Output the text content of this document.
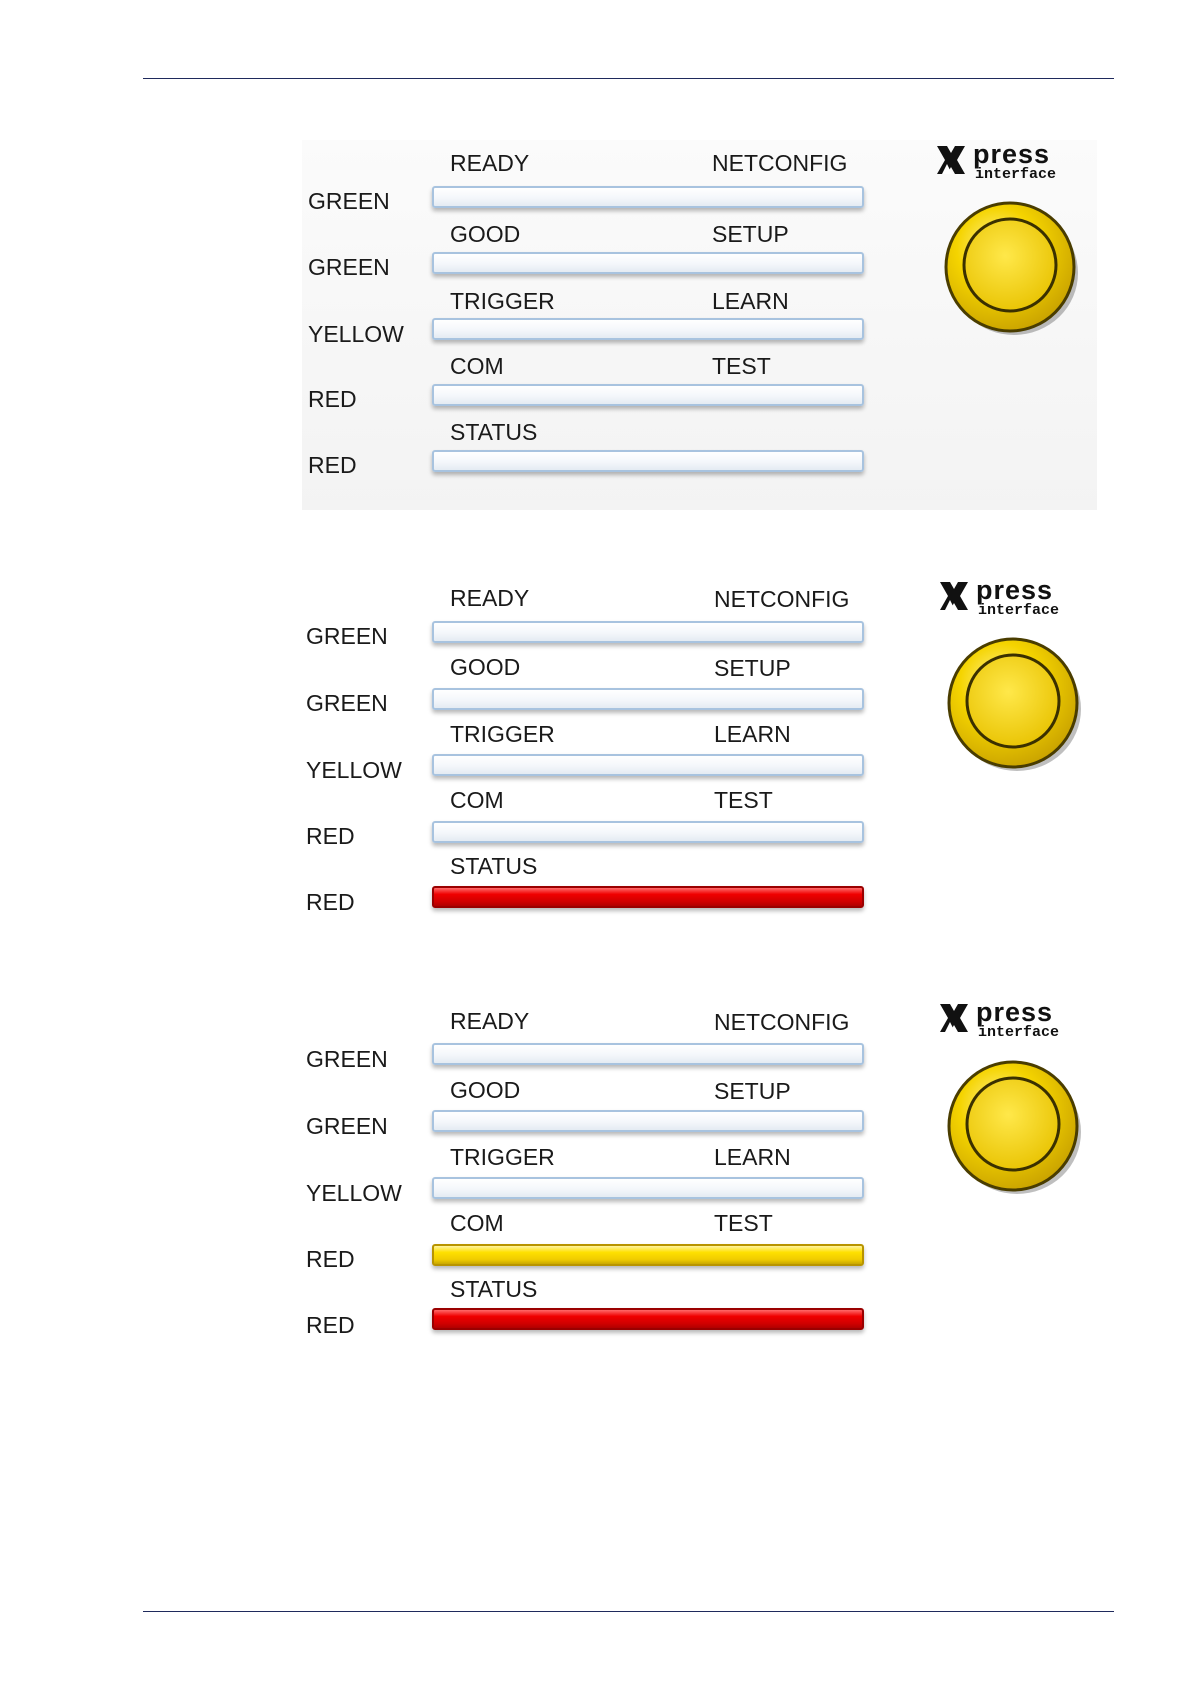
READY	NETCONFIG
GREEN
GOOD	SETUP
GREEN
TRIGGER	LEARN
YELLOW
COM	TEST
RED
STATUS
RED
press
interface
READY	NETCONFIG
GREEN
GOOD	SETUP
GREEN
TRIGGER	LEARN
YELLOW
COM	TEST
RED
STATUS
RED
press
interface
READY	NETCONFIG
GREEN
GOOD	SETUP
GREEN
TRIGGER	LEARN
YELLOW
COM	TEST
RED
STATUS
RED
press
interface
